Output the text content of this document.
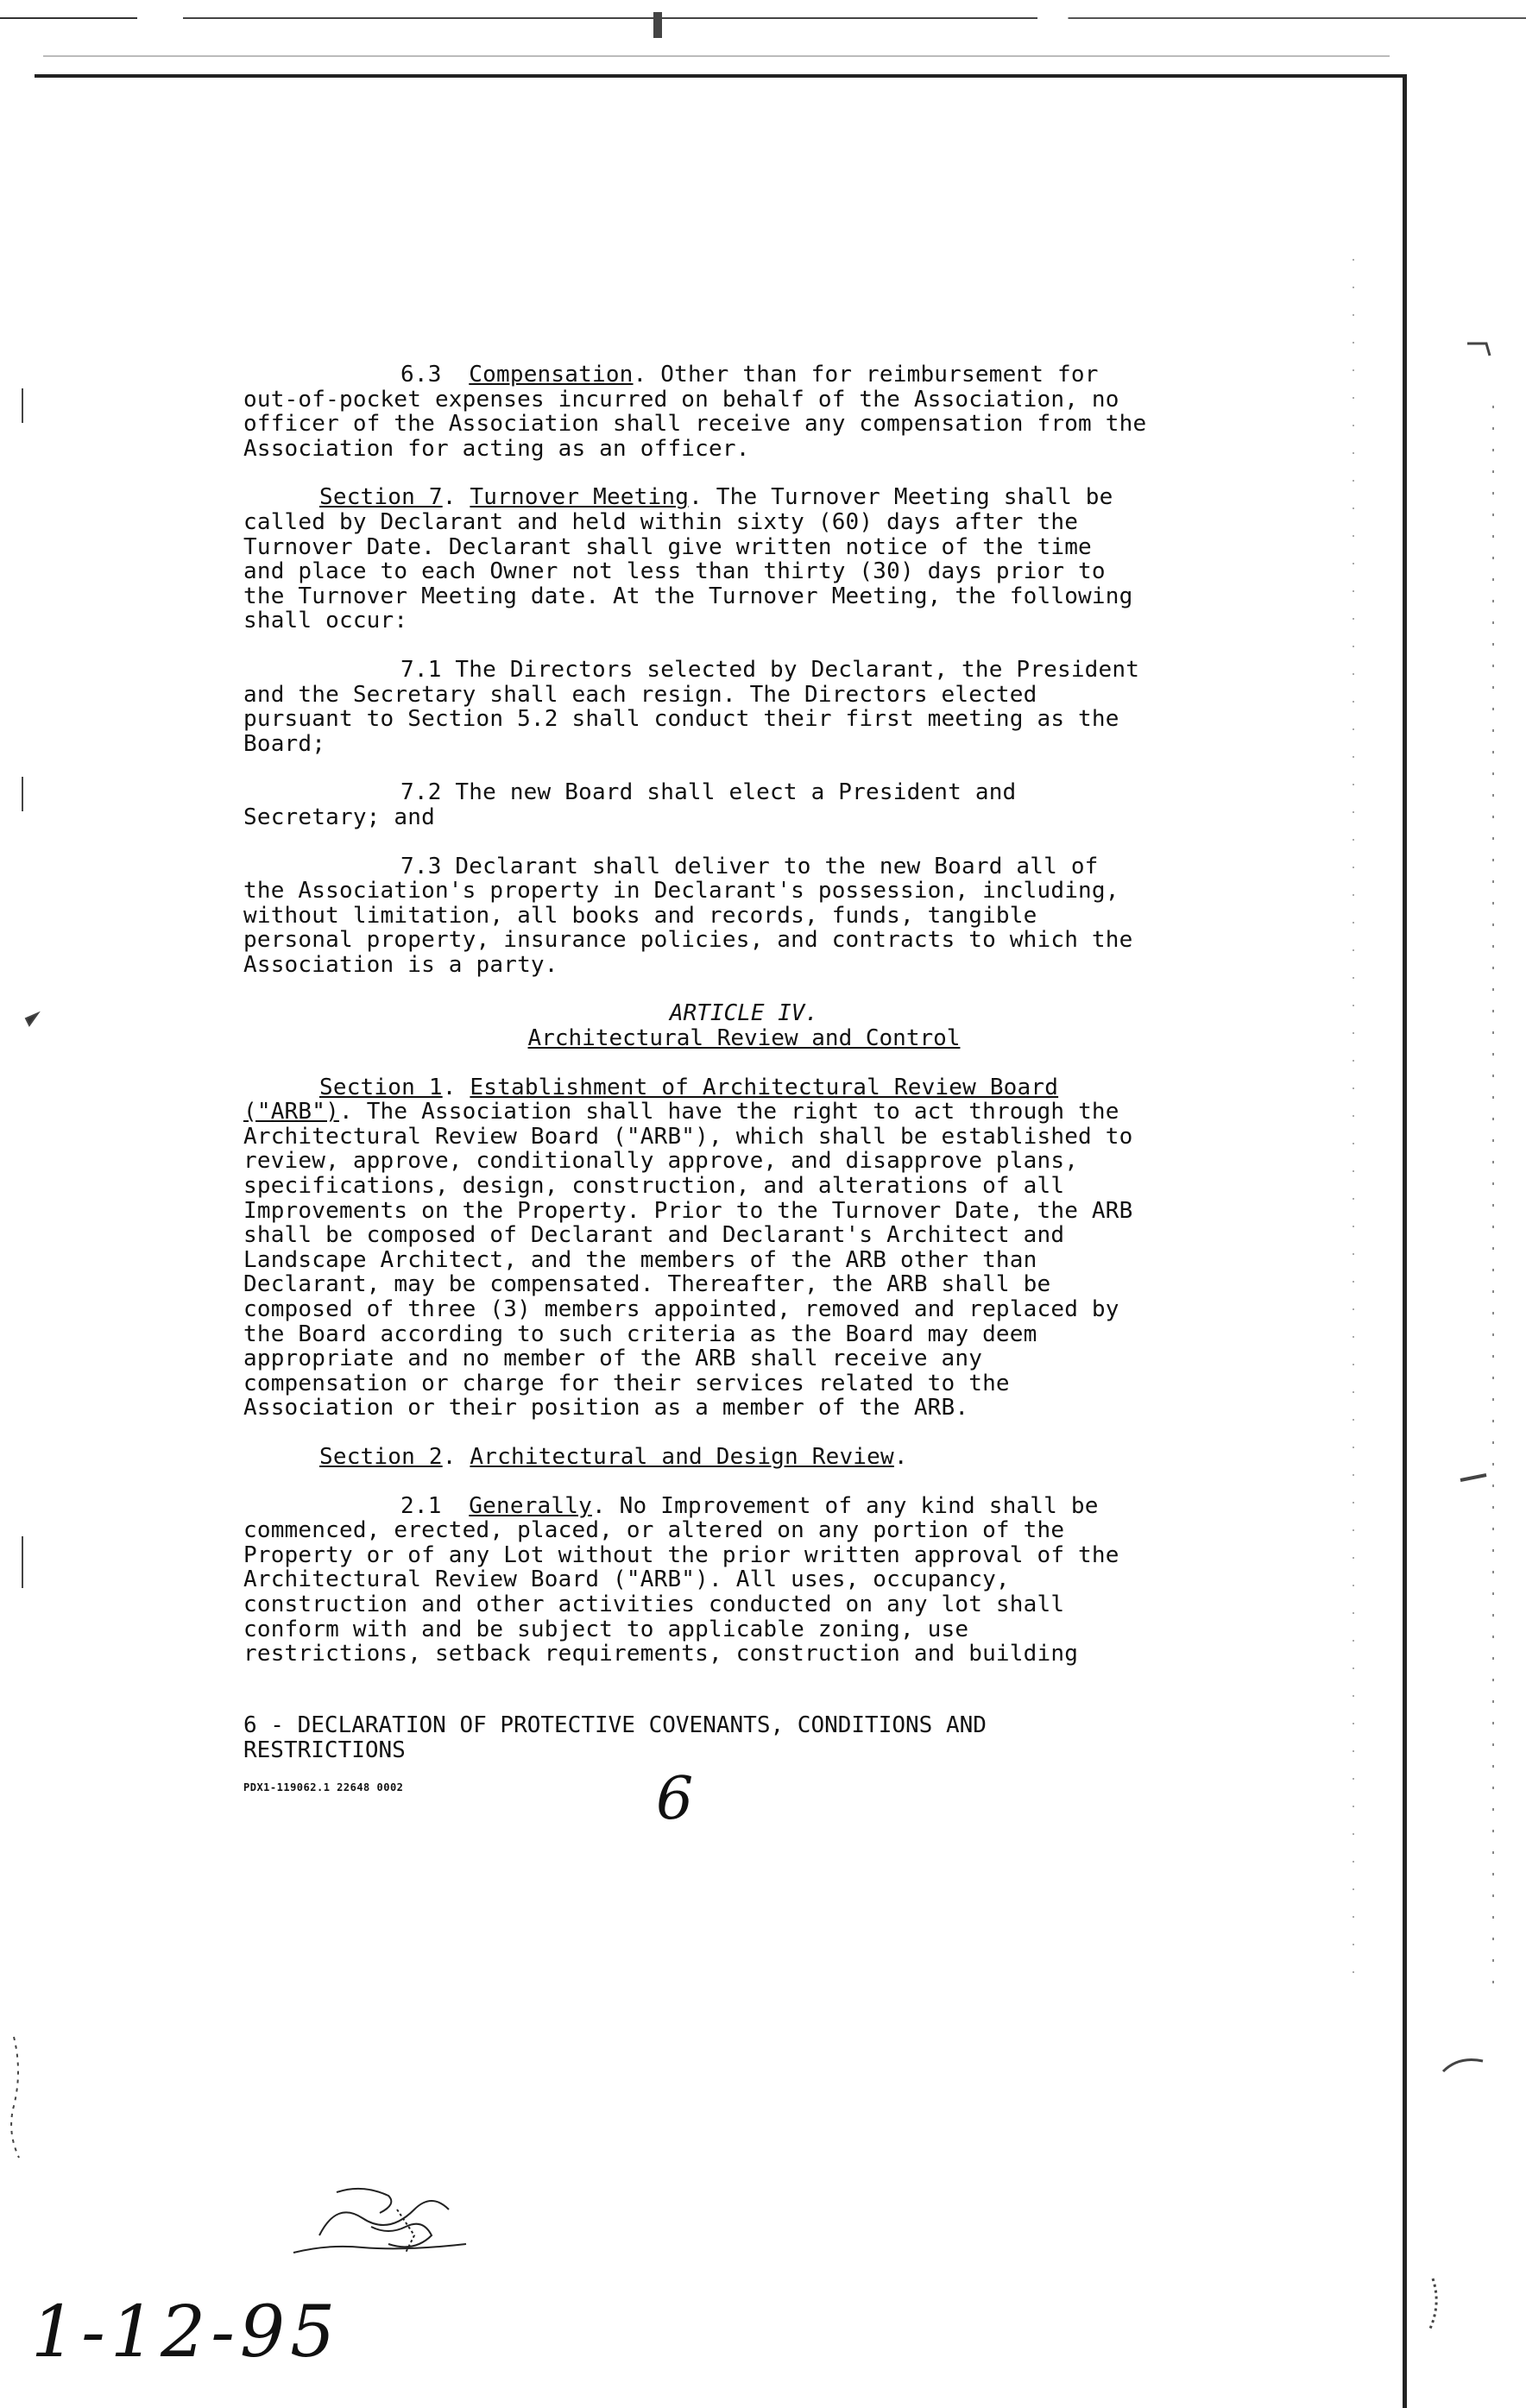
6.3 Compensation. Other than for reimbursement for
out-of-pocket expenses incurred on behalf of the Association, no
officer of the Association shall receive any compensation from the
Association for acting as an officer.

Section 7. Turnover Meeting. The Turnover Meeting shall be
called by Declarant and held within sixty (60) days after the
Turnover Date. Declarant shall give written notice of the time
and place to each Owner not less than thirty (30) days prior to
the Turnover Meeting date. At the Turnover Meeting, the following
shall occur:

7.1 The Directors selected by Declarant, the President
and the Secretary shall each resign. The Directors elected
pursuant to Section 5.2 shall conduct their first meeting as the
Board;

7.2 The new Board shall elect a President and
Secretary; and

7.3 Declarant shall deliver to the new Board all of
the Association's property in Declarant's possession, including,
without limitation, all books and records, funds, tangible
personal property, insurance policies, and contracts to which the
Association is a party.

ARTICLE IV.
Architectural Review and Control

Section 1. Establishment of Architectural Review Board
("ARB"). The Association shall have the right to act through the
Architectural Review Board ("ARB"), which shall be established to
review, approve, conditionally approve, and disapprove plans,
specifications, design, construction, and alterations of all
Improvements on the Property. Prior to the Turnover Date, the ARB
shall be composed of Declarant and Declarant's Architect and
Landscape Architect, and the members of the ARB other than
Declarant, may be compensated. Thereafter, the ARB shall be
composed of three (3) members appointed, removed and replaced by
the Board according to such criteria as the Board may deem
appropriate and no member of the ARB shall receive any
compensation or charge for their services related to the
Association or their position as a member of the ARB.

Section 2. Architectural and Design Review.

2.1 Generally. No Improvement of any kind shall be
commenced, erected, placed, or altered on any portion of the
Property or of any Lot without the prior written approval of the
Architectural Review Board ("ARB"). All uses, occupancy,
construction and other activities conducted on any lot shall
conform with and be subject to applicable zoning, use
restrictions, setback requirements, construction and building

6 - DECLARATION OF PROTECTIVE COVENANTS, CONDITIONS AND
RESTRICTIONS
PDX1-119062.1 22648 0002	6
1-12-95
